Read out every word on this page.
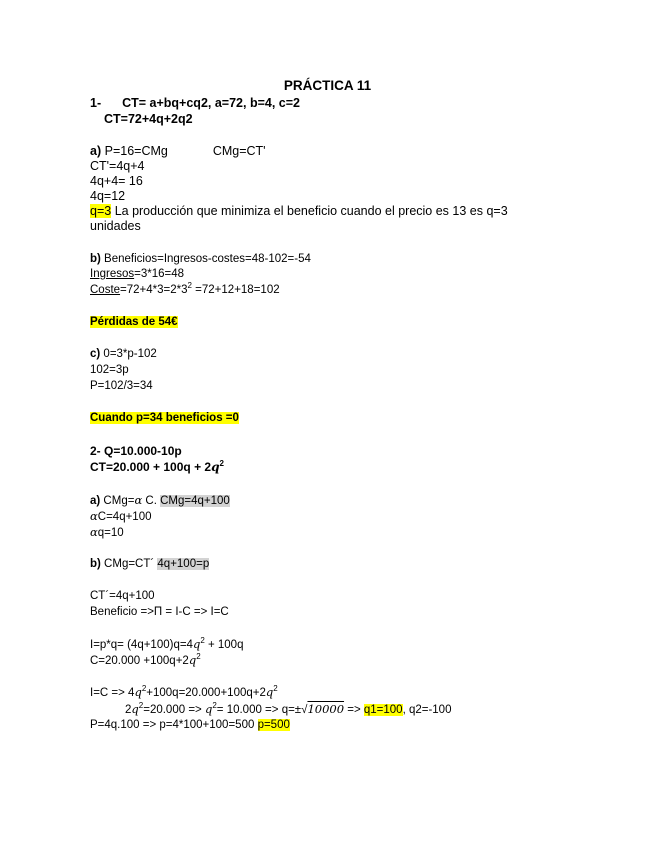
PRÁCTICA 11
1- CT= a+bq+cq2, a=72, b=4, c=2
CT=72+4q+2q2
a) P=16=CMg	CMg=CT'
CT'=4q+4
4q+4= 16
4q=12
q=3 La producción que minimiza el beneficio cuando el precio es 13 es q=3
unidades
b) Beneficios=Ingresos-costes=48-102=-54
Ingresos=3*16=48
$Coste=72+4*3=2*3^2 =72+12+18=102$
Pérdidas de 54€
c) 0=3*p-102
102=3p
P=102/3=34
Cuando p=34 beneficios =0
2- Q=10.000-10p
$CT=20.000 + 100q + 2q^2$
a) CMg=α C. CMg=4q+100
αC=4q+100
αq=10
b) CMg=CT´ 4q+100=p
CT´=4q+100
Beneficio =>Π = I-C => I=C
$I=p*q= (4q+100)q=4q^2 + 100q$
$C=20.000 +100q+2q^2$
$I=C => 4q^2+100q=20.000+100q+2q^2$
$2q^2=20.000 => q^2= 10.000 => q=\pm√10000 => q1=100$, q2=-100
P=4q.100 => p=4*100+100=500 p=500
